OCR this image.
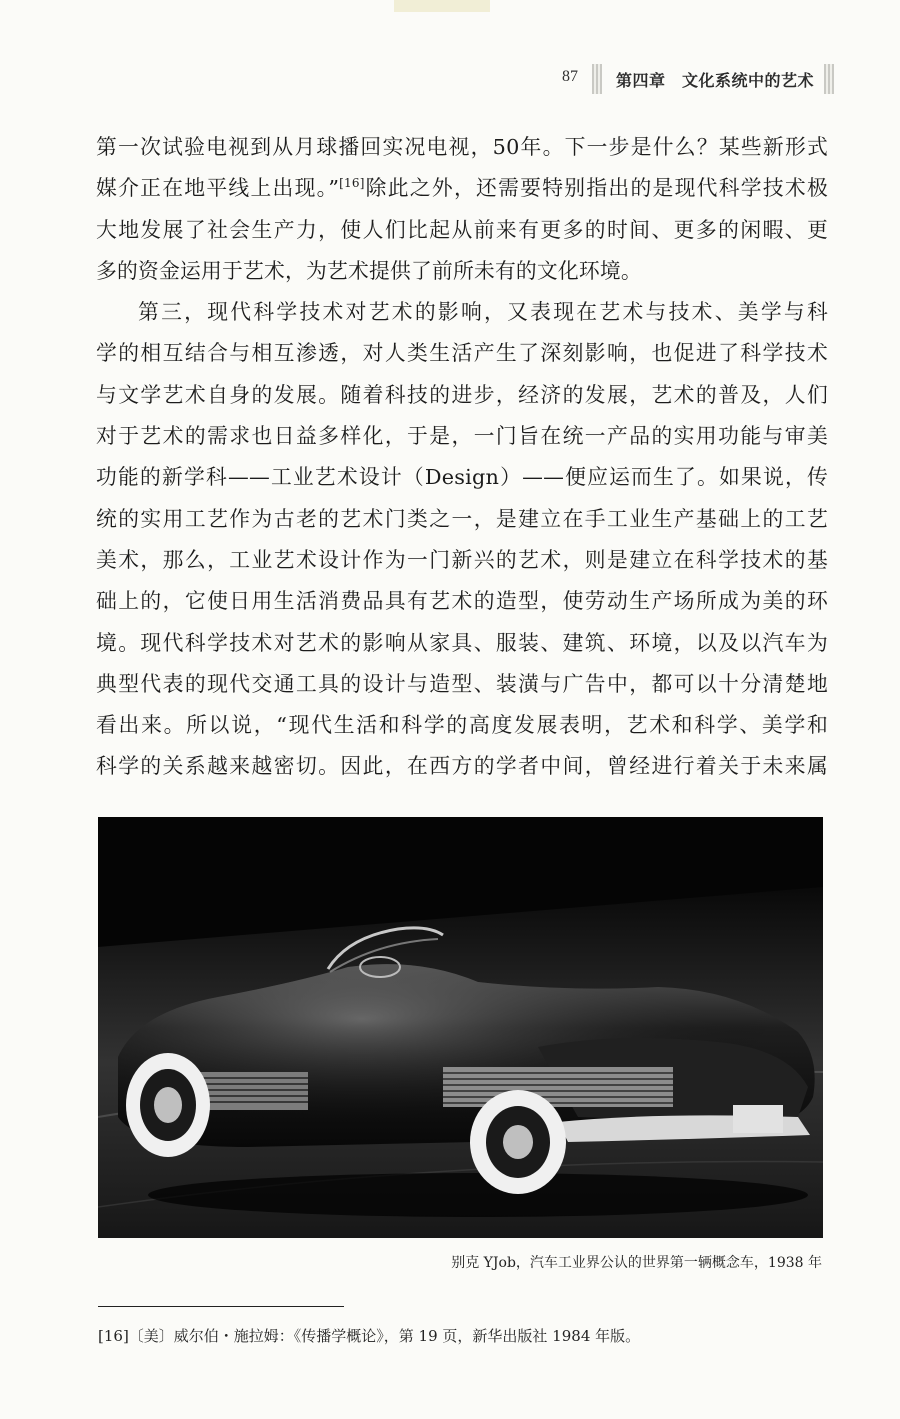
87 第四章　文化系统中的艺术
第一次试验电视到从月球播回实况电视，50年。下一步是什么？某些新形式
媒介正在地平线上出现。”[16]除此之外，还需要特别指出的是现代科学技术极
大地发展了社会生产力，使人们比起从前来有更多的时间、更多的闲暇、更
多的资金运用于艺术，为艺术提供了前所未有的文化环境。
第三，现代科学技术对艺术的影响，又表现在艺术与技术、美学与科
学的相互结合与相互渗透，对人类生活产生了深刻影响，也促进了科学技术
与文学艺术自身的发展。随着科技的进步，经济的发展，艺术的普及，人们
对于艺术的需求也日益多样化，于是，一门旨在统一产品的实用功能与审美
功能的新学科——工业艺术设计（Design）——便应运而生了。如果说，传
统的实用工艺作为古老的艺术门类之一，是建立在手工业生产基础上的工艺
美术，那么，工业艺术设计作为一门新兴的艺术，则是建立在科学技术的基
础上的，它使日用生活消费品具有艺术的造型，使劳动生产场所成为美的环
境。现代科学技术对艺术的影响从家具、服装、建筑、环境，以及以汽车为
典型代表的现代交通工具的设计与造型、装潢与广告中，都可以十分清楚地
看出来。所以说，“现代生活和科学的高度发展表明，艺术和科学、美学和
科学的关系越来越密切。因此，在西方的学者中间，曾经进行着关于未来属
别克 YJob，汽车工业界公认的世界第一辆概念车，1938 年
[16]〔美〕威尔伯・施拉姆：《传播学概论》，第 19 页，新华出版社 1984 年版。
